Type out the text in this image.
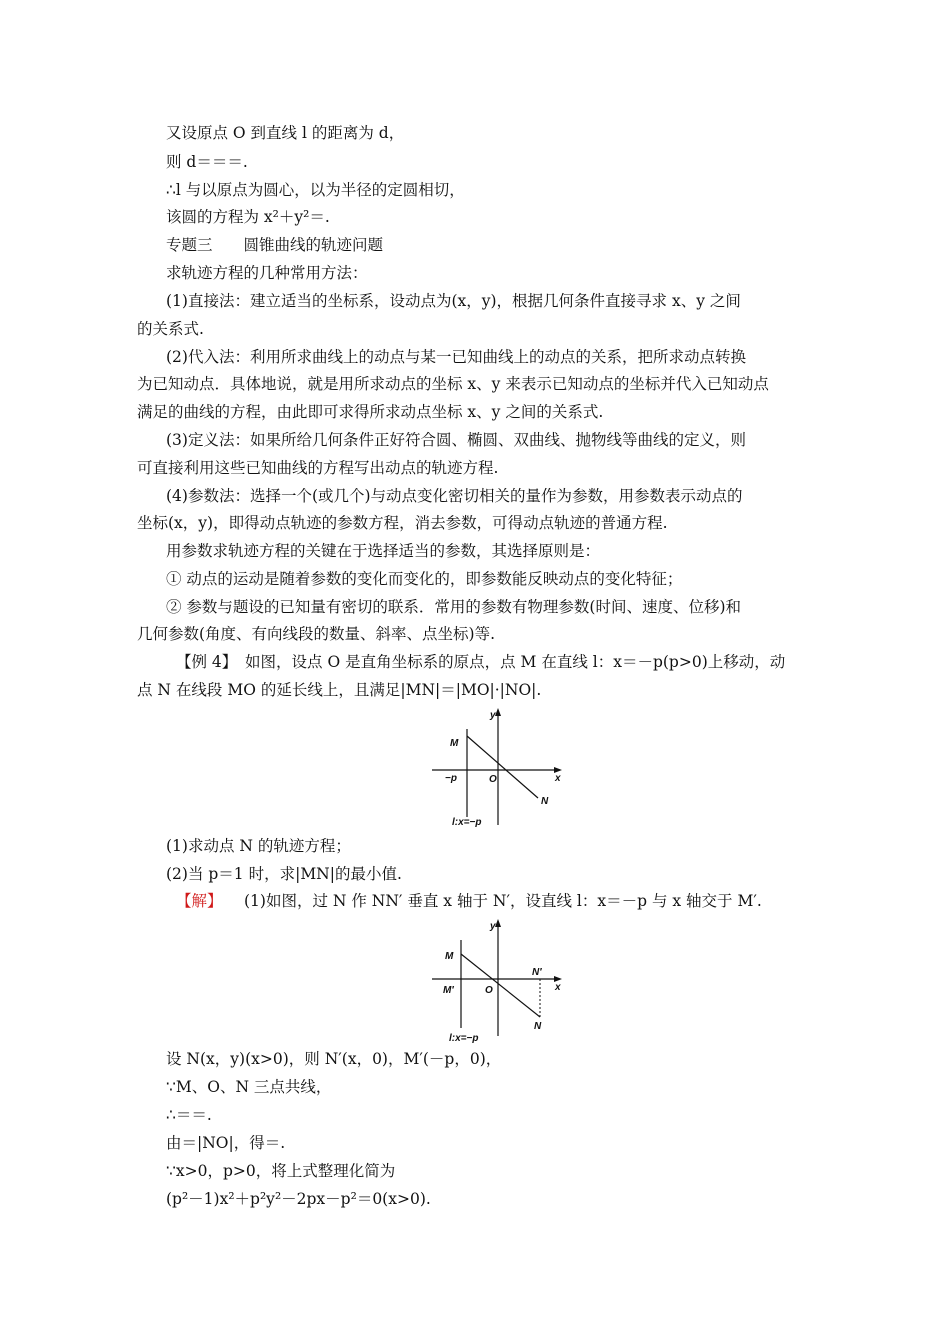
又设原点 O 到直线 l 的距离为 d，
则 d＝＝＝.
∴l 与以原点为圆心，以为半径的定圆相切，
该圆的方程为 x²＋y²＝.
专题三　　圆锥曲线的轨迹问题
求轨迹方程的几种常用方法：
(1)直接法：建立适当的坐标系，设动点为(x，y)，根据几何条件直接寻求 x、y 之间
的关系式.
(2)代入法：利用所求曲线上的动点与某一已知曲线上的动点的关系，把所求动点转换
为已知动点．具体地说，就是用所求动点的坐标 x、y 来表示已知动点的坐标并代入已知动点
满足的曲线的方程，由此即可求得所求动点坐标 x、y 之间的关系式.
(3)定义法：如果所给几何条件正好符合圆、椭圆、双曲线、抛物线等曲线的定义，则
可直接利用这些已知曲线的方程写出动点的轨迹方程.
(4)参数法：选择一个(或几个)与动点变化密切相关的量作为参数，用参数表示动点的
坐标(x，y)，即得动点轨迹的参数方程，消去参数，可得动点轨迹的普通方程.
用参数求轨迹方程的关键在于选择适当的参数，其选择原则是：
① 动点的运动是随着参数的变化而变化的，即参数能反映动点的变化特征；
② 参数与题设的已知量有密切的联系．常用的参数有物理参数(时间、速度、位移)和
几何参数(角度、有向线段的数量、斜率、点坐标)等.
【例 4】　如图，设点 O 是直角坐标系的原点，点 M 在直线 l：x＝－p(p>0)上移动，动
点 N 在线段 MO 的延长线上，且满足|MN|＝|MO|·|NO|.
y
x
M
O
−p
N
l:x=−p
(1)求动点 N 的轨迹方程；
(2)当 p＝1 时，求|MN|的最小值.
【解】 (1)如图，过 N 作 NN′ 垂直 x 轴于 N′，设直线 l：x＝－p 与 x 轴交于 M′.
y
x
M
M′	O
N′
N
l:x=−p
设 N(x，y)(x>0)，则 N′(x，0)，M′(－p，0)，
∵M、O、N 三点共线，
∴＝＝.
由＝|NO|，得＝.
∵x>0，p>0，将上式整理化简为
(p²－1)x²＋p²y²－2px－p²＝0(x>0).
